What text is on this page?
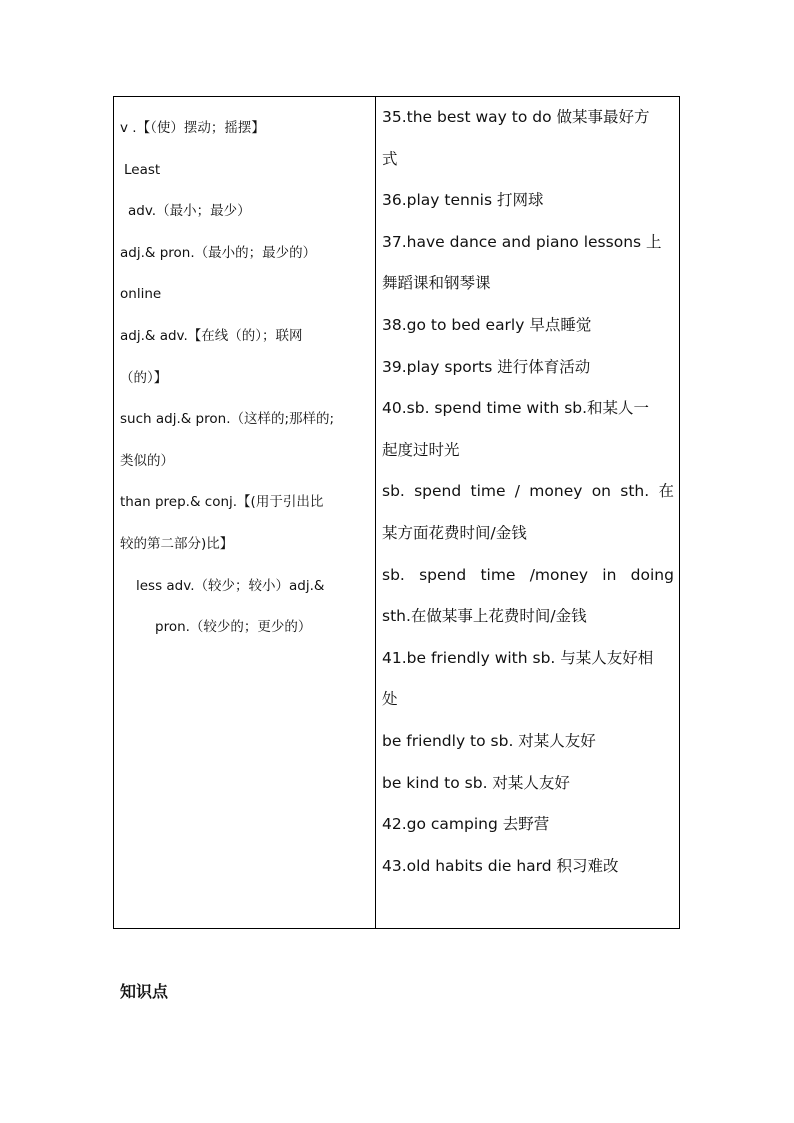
v .【（使）摆动；摇摆】
Least
adv.（最小；最少）
adj.& pron.（最小的；最少的）
online
adj.& adv.【在线（的）；联网
（的）】
such adj.& pron.（这样的;那样的;
类似的）
than prep.& conj.【(用于引出比
较的第二部分)比】
less adv.（较少；较小）adj.&
pron.（较少的；更少的）
35.the best way to do 做某事最好方
式
36.play tennis 打网球
37.have dance and piano lessons 上
舞蹈课和钢琴课
38.go to bed early 早点睡觉
39.play sports 进行体育活动
40.sb. spend time with sb.和某人一
起度过时光
sb. spend time / money on sth. 在
某方面花费时间/金钱
sb. spend time /money in doing
sth.在做某事上花费时间/金钱
41.be friendly with sb. 与某人友好相
处
be friendly to sb. 对某人友好
be kind to sb. 对某人友好
42.go camping 去野营
43.old habits die hard 积习难改
知识点
